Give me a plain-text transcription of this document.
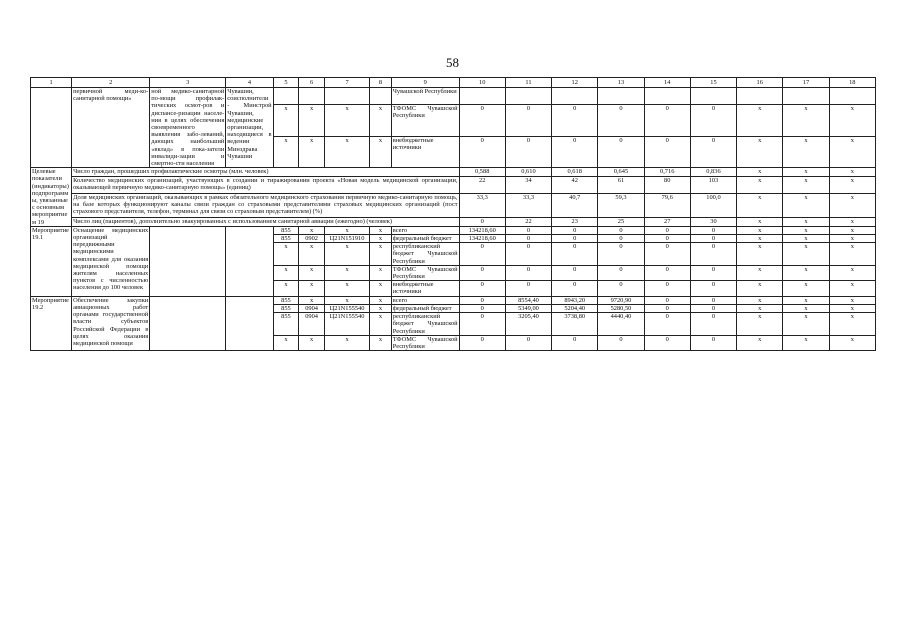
58
1	2	3	4	5	6	7	8	9	10	11	12	13	14	15	16	17	18
	первичной меди-ко-санитарной помощи»	ной медико-санитарной по-мощи профилак-тических осмот-ров и диспансе-ризации населе-ния в целях обеспечения своевременного выявления забо-леваний, дающих наибольший «вклад» в пока-затели инвалиди-зации и смертно-сти населения	Чувашии, соисполнители - Минстрой Чувашии, медицинские организации, находящиеся в ведении Минздрава Чувашии					Чувашской Республики									
				x	x	x	x	ТФОМС Чувашской Республики	0	0	0	0	0	0	x	x	x
				x	x	x	x	внебюджетные источники	0	0	0	0	0	0	x	x	x
Целевые показатели (индикаторы) подпрограммы, увязанные с основным мероприятием 19	Число граждан, прошедших профилактические осмотры (млн. человек)								0,588	0,610	0,618	0,645	0,716	0,836	x	x	x
	Количество медицинских организаций, участвующих в создании и тиражировании проекта «Новая модель медицинской организации, оказывающей первичную медико-санитарную помощь» (единиц)								22	34	42	61	80	103	x	x	x
	Доля медицинских организаций, оказывающих в рамках обязательного медицинского страхования первичную медико-санитарную помощь, на базе которых функционируют каналы связи граждан со страховыми представителями страховых медицинских организаций (пост страхового представителя, телефон, терминал для связи со страховым представителем) (%)								33,3	33,3	40,7	59,3	79,6	100,0	x	x	x
	Число лиц (пациентов), дополнительно эвакуированных с использованием санитарной авиации (ежегодно) (человек)								0	22	23	25	27	30	x	x	x
Мероприятие 19.1	Оснащение медицинских организаций передвижными медицинскими комплексами для оказания медицинской помощи жителям населенных пунктов с численностью населения до 100 человек			855	x	x	x	всего	134218,60	0	0	0	0	0	x	x	x
				855	0902	Ц21N151910	x	федеральный бюджет	134218,60	0	0	0	0	0	x	x	x
				x	x	x	x	республиканский бюджет Чувашской Республики	0	0	0	0	0	0	x	x	x
				x	x	x	x	ТФОМС Чувашской Республики	0	0	0	0	0	0	x	x	x
				x	x	x	x	внебюджетные источники	0	0	0	0	0	0	x	x	x
Мероприятие 19.2	Обеспечение закупки авиационных работ органами государственной власти субъектов Российской Федерации в целях оказания медицинской помощи			855	x	x	x	всего	0	8554,40	8943,20	9720,90	0	0	x	x	x
				855	0904	Ц21N155540	x	федеральный бюджет	0	5349,00	5204,40	5280,50	0	0	x	x	x
				855	0904	Ц21N155540	x	республиканский бюджет Чувашской Республики	0	3205,40	3738,80	4440,40	0	0	x	x	x
				x	x	x	x	ТФОМС Чувашской Республики	0	0	0	0	0	0	x	x	x
